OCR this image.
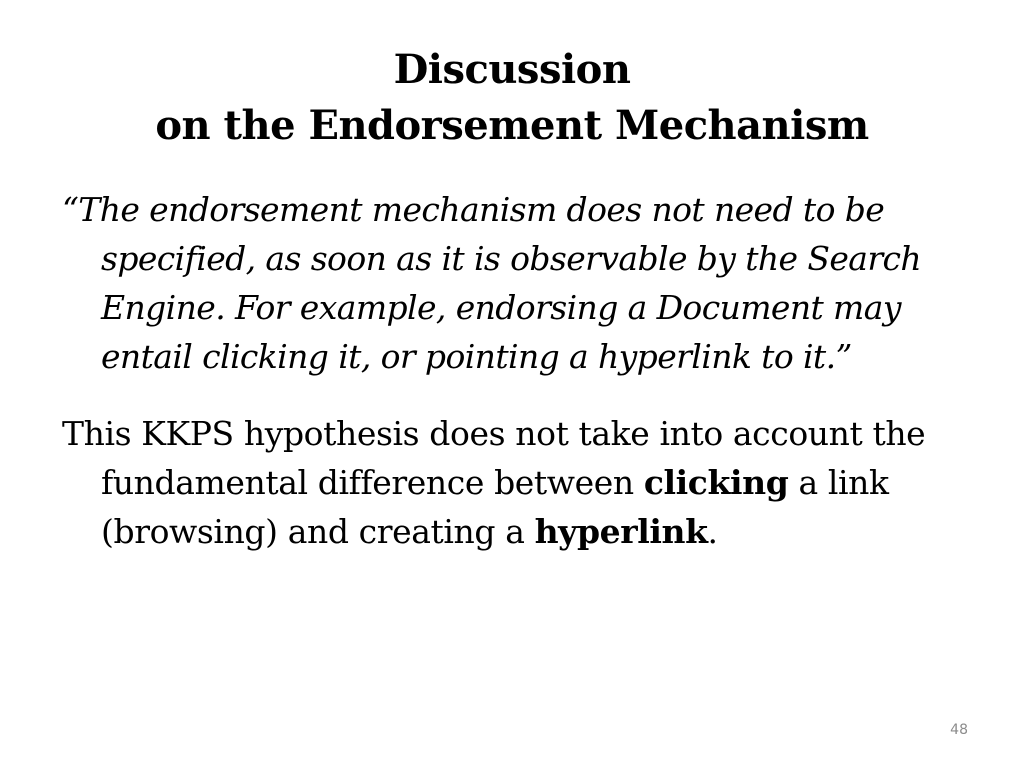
Discussion
on the Endorsement Mechanism

“The endorsement mechanism does not need to be specified, as soon as it is observable by the Search Engine. For example, endorsing a Document may entail clicking it, or pointing a hyperlink to it.”

This KKPS hypothesis does not take into account the fundamental difference between clicking a link (browsing) and creating a hyperlink.

48
